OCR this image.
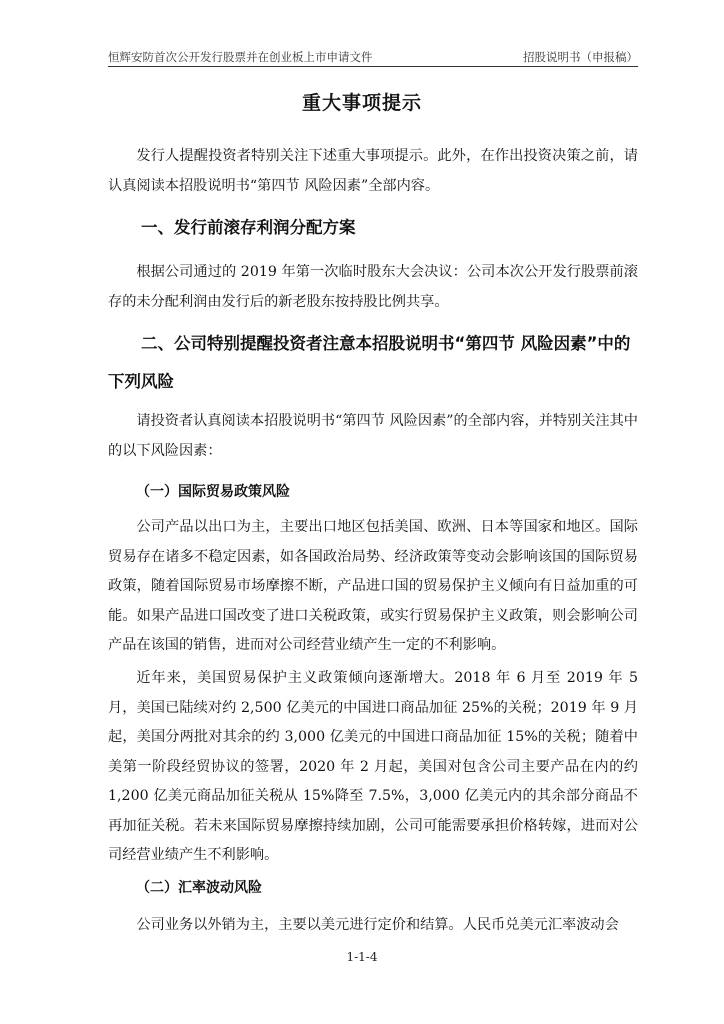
恒辉安防首次公开发行股票并在创业板上市申请文件	招股说明书（申报稿）
重大事项提示

发行人提醒投资者特别关注下述重大事项提示。此外，在作出投资决策之前，请认真阅读本招股说明书“第四节 风险因素”全部内容。

一、发行前滚存利润分配方案

根据公司通过的 2019 年第一次临时股东大会决议：公司本次公开发行股票前滚存的未分配利润由发行后的新老股东按持股比例共享。

二、公司特别提醒投资者注意本招股说明书“第四节 风险因素”中的下列风险

请投资者认真阅读本招股说明书“第四节 风险因素”的全部内容，并特别关注其中的以下风险因素：

（一）国际贸易政策风险

公司产品以出口为主，主要出口地区包括美国、欧洲、日本等国家和地区。国际贸易存在诸多不稳定因素，如各国政治局势、经济政策等变动会影响该国的国际贸易政策，随着国际贸易市场摩擦不断，产品进口国的贸易保护主义倾向有日益加重的可能。如果产品进口国改变了进口关税政策，或实行贸易保护主义政策，则会影响公司产品在该国的销售，进而对公司经营业绩产生一定的不利影响。

近年来，美国贸易保护主义政策倾向逐渐增大。2018 年 6 月至 2019 年 5 月，美国已陆续对约 2,500 亿美元的中国进口商品加征 25%的关税；2019 年 9 月起，美国分两批对其余的约 3,000 亿美元的中国进口商品加征 15%的关税；随着中美第一阶段经贸协议的签署，2020 年 2 月起，美国对包含公司主要产品在内的约 1,200 亿美元商品加征关税从 15%降至 7.5%，3,000 亿美元内的其余部分商品不再加征关税。若未来国际贸易摩擦持续加剧，公司可能需要承担价格转嫁，进而对公司经营业绩产生不利影响。

（二）汇率波动风险

公司业务以外销为主，主要以美元进行定价和结算。人民币兑美元汇率波动会

1-1-4
